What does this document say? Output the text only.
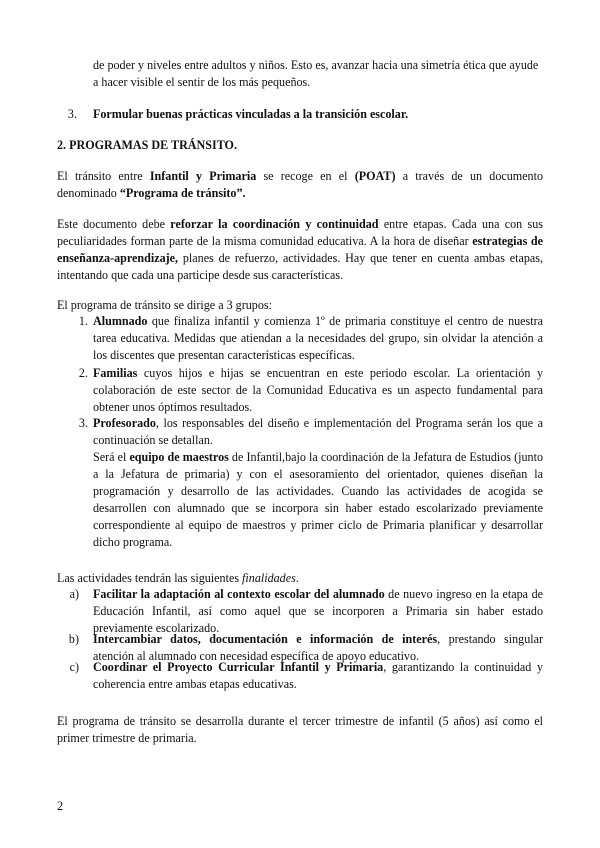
de poder y niveles entre adultos y niños. Esto es, avanzar hacia una simetría ética que ayude
a hacer visible el sentir de los más pequeños.
3. Formular buenas prácticas vinculadas a la transición escolar.
2. PROGRAMAS DE TRÁNSITO.

El tránsito entre Infantil y Primaria se recoge en el (POAT) a través de un documento denominado “Programa de tránsito”.

Este documento debe reforzar la coordinación y continuidad entre etapas. Cada una con sus peculiaridades forman parte de la misma comunidad educativa. A la hora de diseñar estrategias de enseñanza-aprendizaje, planes de refuerzo, actividades. Hay que tener en cuenta ambas etapas, intentando que cada una participe desde sus características.

El programa de tránsito se dirige a 3 grupos:

1. Alumnado que finaliza infantil y comienza 1º de primaria constituye el centro de nuestra tarea educativa. Medidas que atiendan a la necesidades del grupo, sin olvidar la atención a los discentes que presentan características específicas.

2. Familias cuyos hijos e hijas se encuentran en este periodo escolar. La orientación y colaboración de este sector de la Comunidad Educativa es un aspecto fundamental para obtener unos óptimos resultados.

3. Profesorado, los responsables del diseño e implementación del Programa serán los que a continuación se detallan.

Será el equipo de maestros de Infantil,bajo la coordinación de la Jefatura de Estudios (junto a la Jefatura de primaria) y con el asesoramiento del orientador, quienes diseñan la programación y desarrollo de las actividades. Cuando las actividades de acogida se desarrollen con alumnado que se incorpora sin haber estado escolarizado previamente correspondiente al equipo de maestros y primer ciclo de Primaria planificar y desarrollar dicho programa.

Las actividades tendrán las siguientes finalidades.

a) Facilitar la adaptación al contexto escolar del alumnado de nuevo ingreso en la etapa de Educación Infantil, así como aquel que se incorporen a Primaria sin haber estado previamente escolarizado.

b) Intercambiar datos, documentación e información de interés, prestando singular atención al alumnado con necesidad específica de apoyo educativo.

c) Coordinar el Proyecto Curricular Infantil y Primaria, garantizando la continuidad y coherencia entre ambas etapas educativas.

El programa de tránsito se desarrolla durante el tercer trimestre de infantil (5 años) así como el primer trimestre de primaria.

2
